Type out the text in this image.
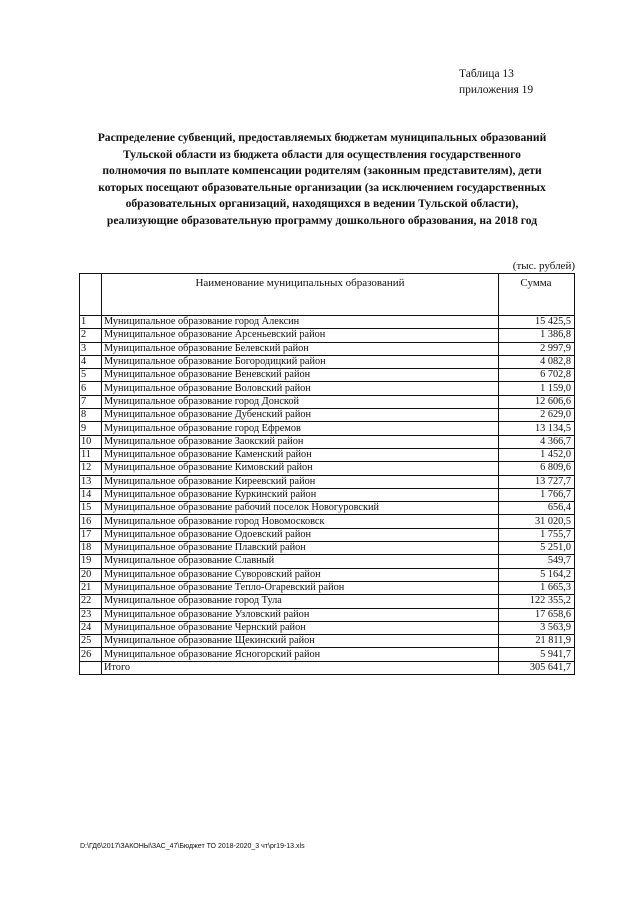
Таблица 13
приложения 19
Распределение субвенций, предоставляемых бюджетам муниципальных образований
Тульской области из бюджета области для осуществления государственного
полномочия по выплате компенсации родителям (законным представителям), дети
которых посещают образовательные организации (за исключением государственных
образовательных организаций, находящихся в ведении Тульской области),
реализующие образовательную программу дошкольного образования, на 2018 год
(тыс. рублей)
	Наименование муниципальных образований	Сумма
1	Муниципальное образование город Алексин	15 425,5
2	Муниципальное образование Арсеньевский район	1 386,8
3	Муниципальное образование Белевский район	2 997,9
4	Муниципальное образование Богородицкий район	4 082,8
5	Муниципальное образование Веневский район	6 702,8
6	Муниципальное образование Воловский район	1 159,0
7	Муниципальное образование город Донской	12 606,6
8	Муниципальное образование Дубенский район	2 629,0
9	Муниципальное образование город Ефремов	13 134,5
10	Муниципальное образование Заокский район	4 366,7
11	Муниципальное образование Каменский район	1 452,0
12	Муниципальное образование Кимовский район	6 809,6
13	Муниципальное образование Киреевский район	13 727,7
14	Муниципальное образование Куркинский район	1 766,7
15	Муниципальное образование рабочий поселок Новогуровский	656,4
16	Муниципальное образование город Новомосковск	31 020,5
17	Муниципальное образование Одоевский район	1 755,7
18	Муниципальное образование Плавский район	5 251,0
19	Муниципальное образование Славный	549,7
20	Муниципальное образование Суворовский район	5 164,2
21	Муниципальное образование Тепло-Огаревский район	1 665,3
22	Муниципальное образование город Тула	122 355,2
23	Муниципальное образование Узловский район	17 658,6
24	Муниципальное образование Чернский район	3 563,9
25	Муниципальное образование Щекинский район	21 811,9
26	Муниципальное образование Ясногорский район	5 941,7
	Итого	305 641,7
D:\ГД6\2017\ЗАКОНЫ\ЗАС_47\Бюджет ТО 2018-2020_3 чт\pr19-13.xls
